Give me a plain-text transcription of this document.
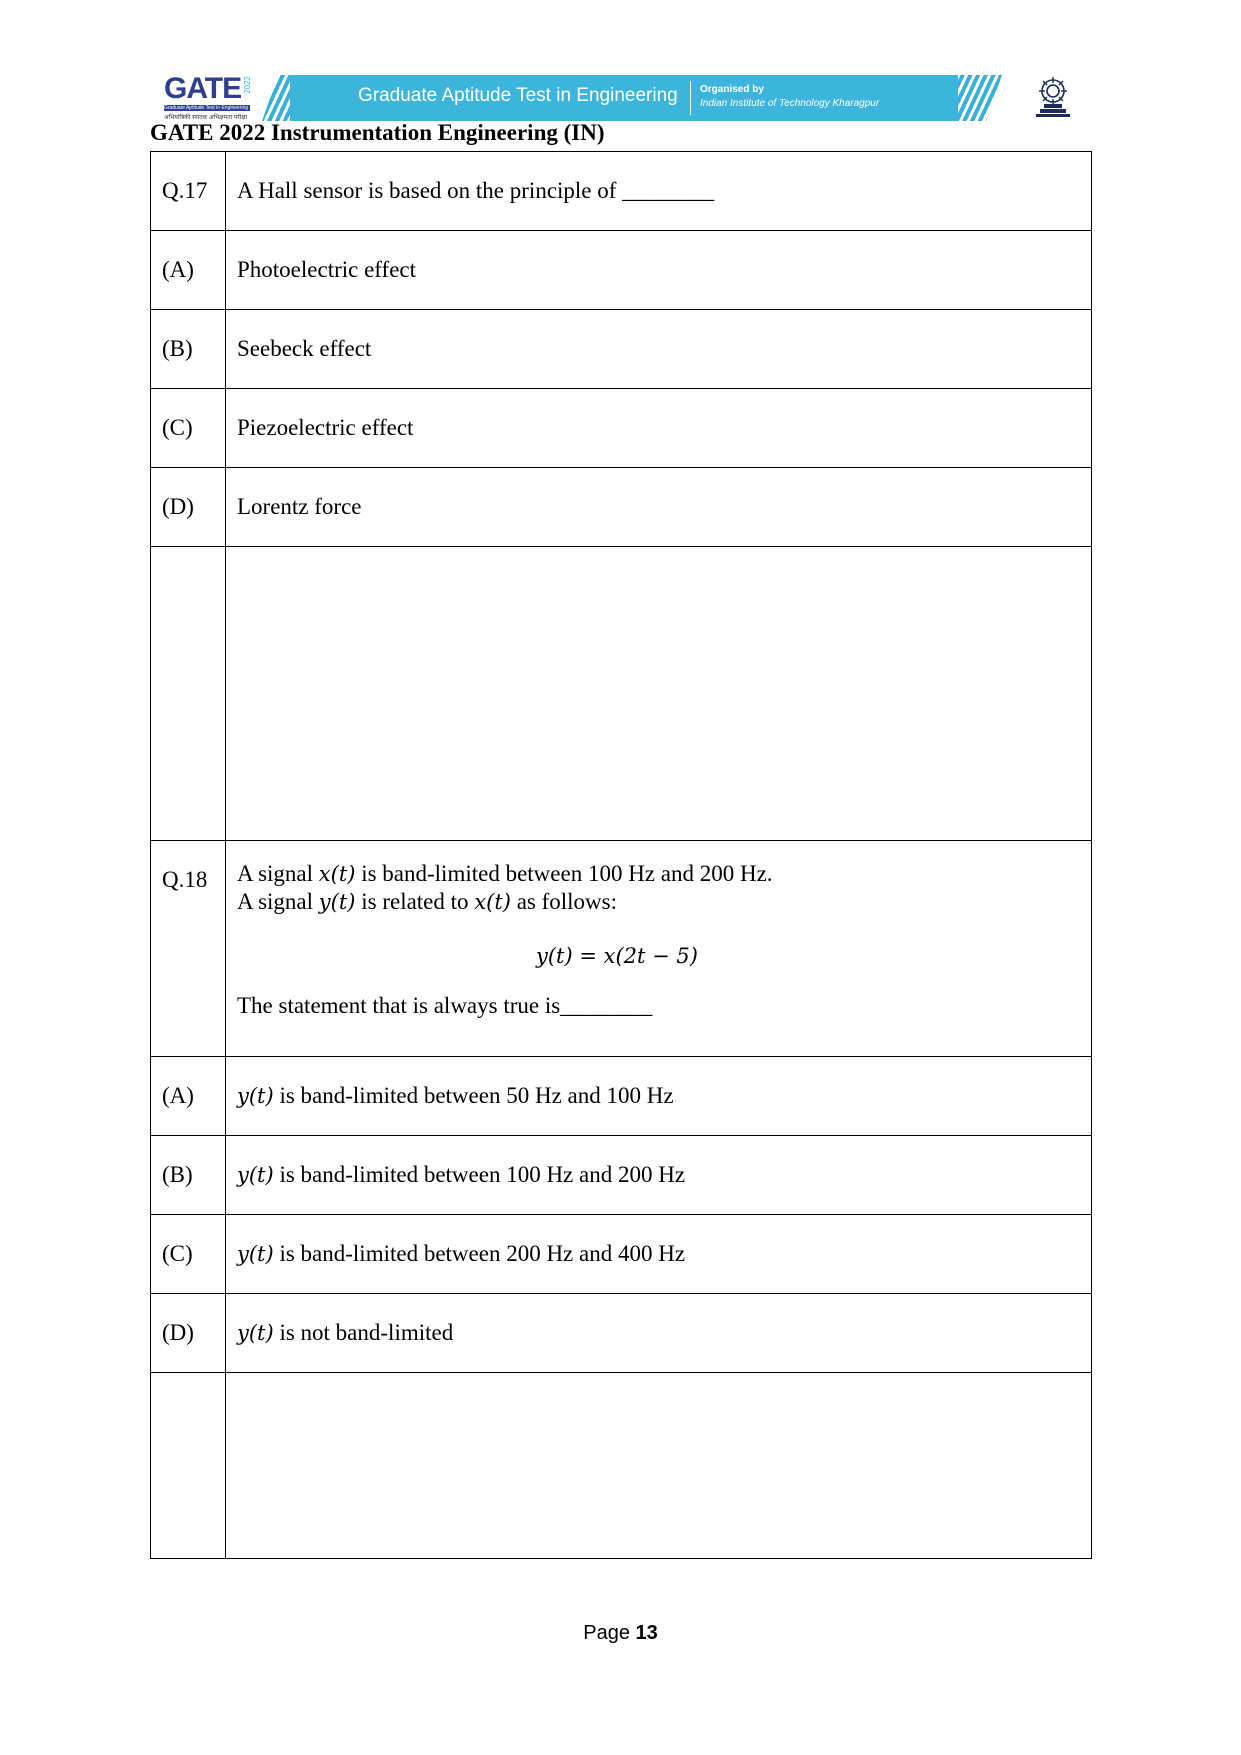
GATE 2022
Graduate Aptitude Test in Engineering
अभियांत्रिकी स्नातक अभिक्षमता परीक्षा
Graduate Aptitude Test in Engineering Organised by
Indian Institute of Technology Kharagpur
GATE 2022 Instrumentation Engineering (IN)
Q.17	A Hall sensor is based on the principle of ________
(A)	Photoelectric effect
(B)	Seebeck effect
(C)	Piezoelectric effect
(D)	Lorentz force

Q.18	A signal x(t) is band-limited between 100 Hz and 200 Hz.
A signal y(t) is related to x(t) as follows:
y(t) = x(2t − 5)
The statement that is always true is________

(A)	y(t) is band-limited between 50 Hz and 100 Hz
(B)	y(t) is band-limited between 100 Hz and 200 Hz
(C)	y(t) is band-limited between 200 Hz and 400 Hz
(D)	y(t) is not band-limited

Page 13
